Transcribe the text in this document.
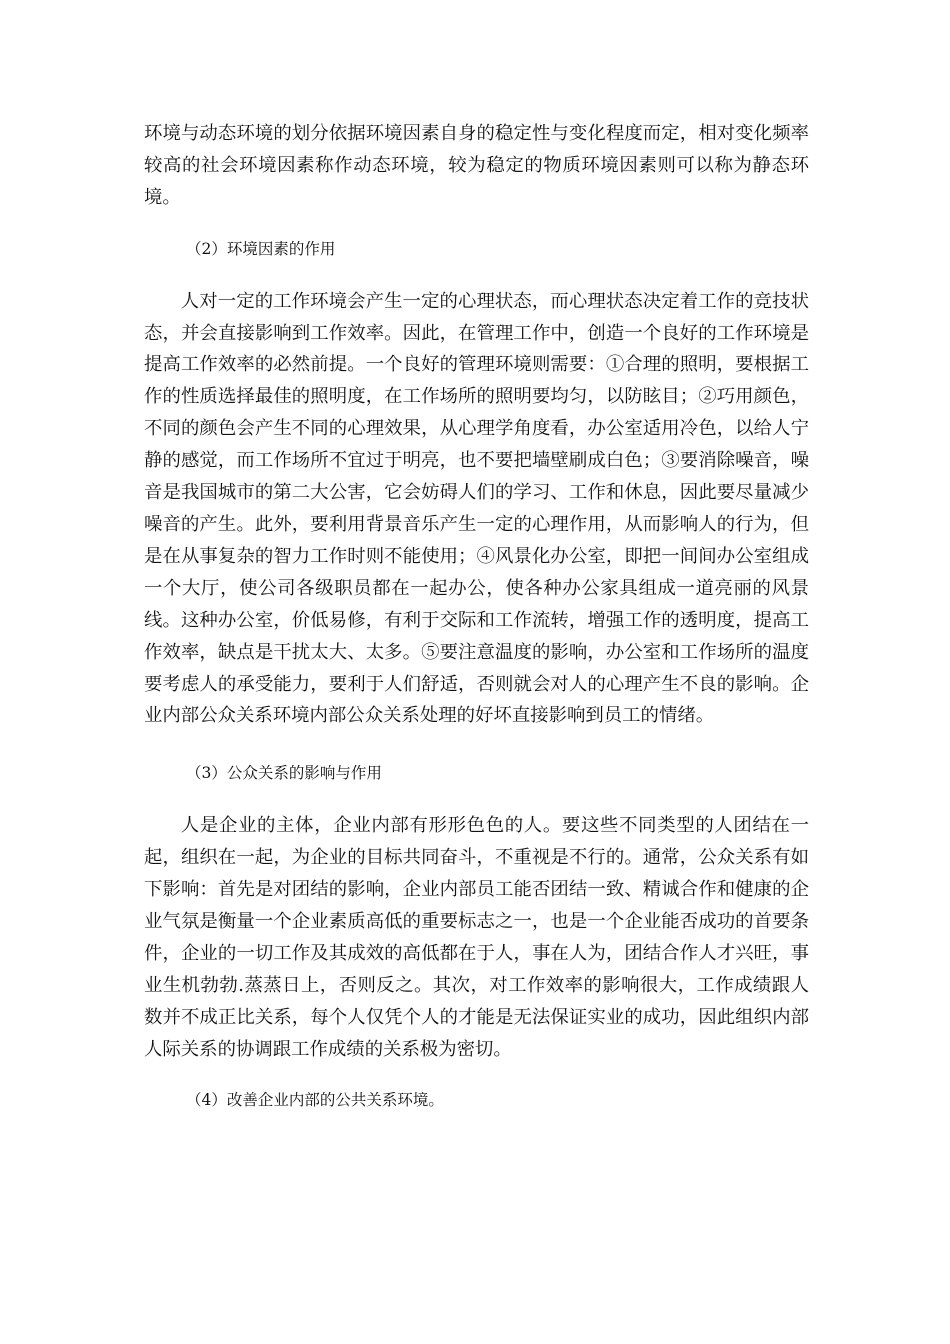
环境与动态环境的划分依据环境因素自身的稳定性与变化程度而定，相对变化频率较高的社会环境因素称作动态环境，较为稳定的物质环境因素则可以称为静态环境。

（2）环境因素的作用

人对一定的工作环境会产生一定的心理状态，而心理状态决定着工作的竞技状态，并会直接影响到工作效率。因此，在管理工作中，创造一个良好的工作环境是提高工作效率的必然前提。一个良好的管理环境则需要：①合理的照明，要根据工作的性质选择最佳的照明度，在工作场所的照明要均匀，以防眩目；②巧用颜色，不同的颜色会产生不同的心理效果，从心理学角度看，办公室适用冷色，以给人宁静的感觉，而工作场所不宜过于明亮，也不要把墙壁刷成白色；③要消除噪音，噪音是我国城市的第二大公害，它会妨碍人们的学习、工作和休息，因此要尽量减少噪音的产生。此外，要利用背景音乐产生一定的心理作用，从而影响人的行为，但是在从事复杂的智力工作时则不能使用；④风景化办公室，即把一间间办公室组成一个大厅，使公司各级职员都在一起办公，使各种办公家具组成一道亮丽的风景线。这种办公室，价低易修，有利于交际和工作流转，增强工作的透明度，提高工作效率，缺点是干扰太大、太多。⑤要注意温度的影响，办公室和工作场所的温度要考虑人的承受能力，要利于人们舒适，否则就会对人的心理产生不良的影响。企业内部公众关系环境内部公众关系处理的好坏直接影响到员工的情绪。

（3）公众关系的影响与作用

人是企业的主体，企业内部有形形色色的人。要这些不同类型的人团结在一起，组织在一起，为企业的目标共同奋斗，不重视是不行的。通常，公众关系有如下影响：首先是对团结的影响，企业内部员工能否团结一致、精诚合作和健康的企业气氛是衡量一个企业素质高低的重要标志之一，也是一个企业能否成功的首要条件，企业的一切工作及其成效的高低都在于人，事在人为，团结合作人才兴旺，事业生机勃勃.蒸蒸日上，否则反之。其次，对工作效率的影响很大，工作成绩跟人数并不成正比关系，每个人仅凭个人的才能是无法保证实业的成功，因此组织内部人际关系的协调跟工作成绩的关系极为密切。

（4）改善企业内部的公共关系环境。
